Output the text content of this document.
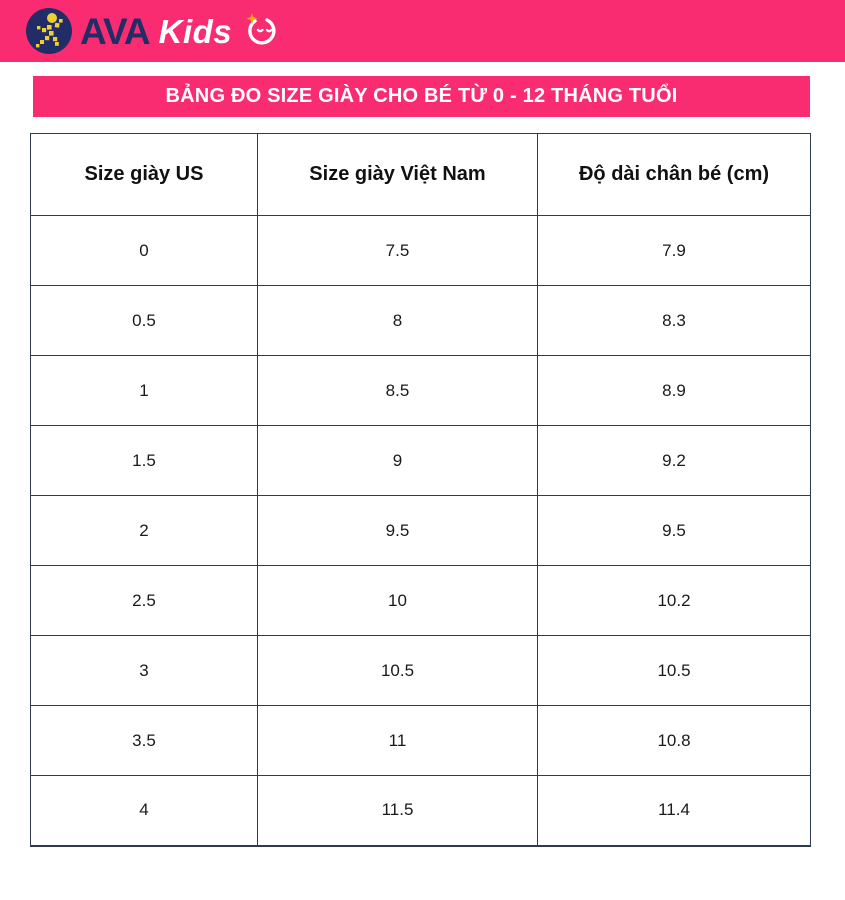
AVA Kids
BẢNG ĐO SIZE GIÀY CHO BÉ TỪ 0 - 12 THÁNG TUỔI
Size giày US	Size giày Việt Nam	Độ dài chân bé (cm)
0	7.5	7.9
0.5	8	8.3
1	8.5	8.9
1.5	9	9.2
2	9.5	9.5
2.5	10	10.2
3	10.5	10.5
3.5	11	10.8
4	11.5	11.4
